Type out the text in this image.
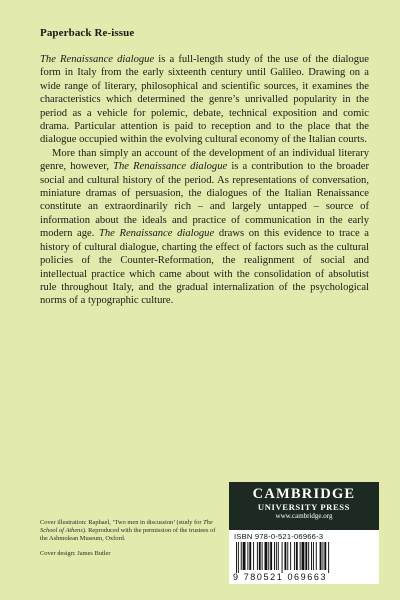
Paperback Re-issue

The Renaissance dialogue is a full-length study of the use of the dialogue form in Italy from the early sixteenth century until Galileo. Drawing on a wide range of literary, philosophical and scientific sources, it examines the characteristics which determined the genre’s unrivalled popularity in the period as a vehicle for polemic, debate, technical exposition and comic drama. Particular attention is paid to reception and to the place that the dialogue occupied within the evolving cultural economy of the Italian courts.

More than simply an account of the development of an individual literary genre, however, The Renaissance dialogue is a contribution to the broader social and cultural history of the period. As representations of conversation, miniature dramas of persuasion, the dialogues of the Italian Renaissance constitute an extraordinarily rich – and largely untapped – source of information about the ideals and practice of communication in the early modern age. The Renaissance dialogue draws on this evidence to trace a history of cultural dialogue, charting the effect of factors such as the cultural policies of the Counter-Reformation, the realignment of social and intellectual practice which came about with the consolidation of absolutist rule throughout Italy, and the gradual internalization of the psychological norms of a typographic culture.

Cover illustration: Raphael, ‘Two men in discussion’ (study for The School of Athens). Reproduced with the permission of the trustees of the Ashmolean Museum, Oxford.

Cover design: James Butler

CAMBRIDGE
UNIVERSITY PRESS
www.cambridge.org
ISBN 978-0-521-06966-3
9 780521 069663
